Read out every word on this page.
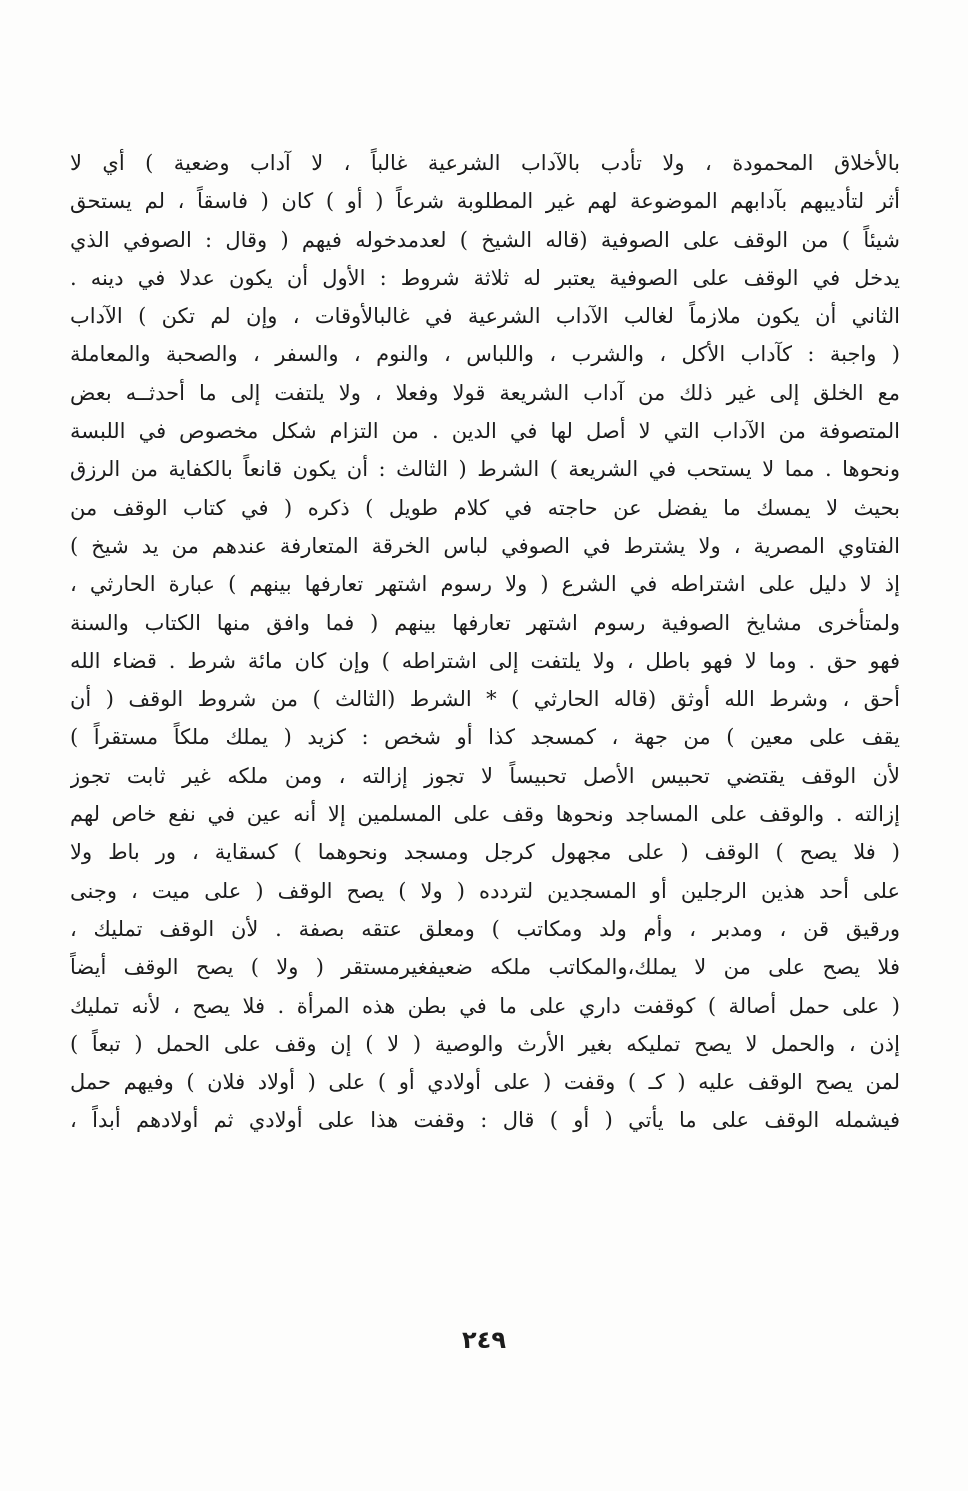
بالأخلاق المحمودة ، ولا تأدب بالآداب الشرعية غالباً ، لا آداب وضعية ) أي لا
أثر لتأديبهم بآدابهم الموضوعة لهم غير المطلوبة شرعاً ( أو ) كان ( فاسقاً ، لم يستحق
شيئاً ) من الوقف على الصوفية (قاله الشيخ ) لعدمدخوله فيهم ( وقال : الصوفي الذي
يدخل في الوقف على الصوفية يعتبر له ثلاثة شروط : الأول أن يكون عدلا في دينه .
الثاني أن يكون ملازماً لغالب الآداب الشرعية في غالبالأوقات ، وإن لم تكن ) الآداب
( واجبة : كآداب الأكل ، والشرب ، واللباس ، والنوم ، والسفر ، والصحبة والمعاملة
مع الخلق إلى غير ذلك من آداب الشريعة قولا وفعلا ، ولا يلتفت إلى ما أحدثــه بعض
المتصوفة من الآداب التي لا أصل لها في الدين . من التزام شكل مخصوص في اللبسة
ونحوها . مما لا يستحب في الشريعة ) الشرط ( الثالث : أن يكون قانعاً بالكفاية من الرزق
بحيث لا يمسك ما يفضل عن حاجته في كلام طويل ) ذكره ( في كتاب الوقف من
الفتاوي المصرية ، ولا يشترط في الصوفي لباس الخرقة المتعارفة عندهم من يد شيخ )
إذ لا دليل على اشتراطه في الشرع ( ولا رسوم اشتهر تعارفها بينهم ) عبارة الحارثي ،
ولمتأخرى مشايخ الصوفية رسوم اشتهر تعارفها بينهم ( فما وافق منها الكتاب والسنة
فهو حق . وما لا فهو باطل ، ولا يلتفت إلى اشتراطه ) وإن كان مائة شرط . قضاء الله
أحق ، وشرط الله أوثق (قاله الحارثي ) * الشرط (الثالث ) من شروط الوقف ( أن
يقف على معين ) من جهة ، كمسجد كذا أو شخص : كزيد ( يملك ملكاً مستقراً )
لأن الوقف يقتضي تحبيس الأصل تحبيساً لا تجوز إزالته ، ومن ملكه غير ثابت تجوز
إزالته . والوقف على المساجد ونحوها وقف على المسلمين إلا أنه عين في نفع خاص لهم
( فلا يصح ) الوقف ( على مجهول كرجل ومسجد ونحوهما ) كسقاية ، ور باط ولا
على أحد هذين الرجلين أو المسجدين لتردده ( ولا ) يصح الوقف ( على ميت ، وجنى
ورقيق قن ، ومدبر ، وأم ولد ومكاتب ) ومعلق عتقه بصفة . لأن الوقف تمليك ،
فلا يصح على من لا يملك،والمكاتب ملكه ضعيفغيرمستقر ( ولا ) يصح الوقف أيضاً
( على حمل أصالة ) كوقفت داري على ما في بطن هذه المرأة . فلا يصح ، لأنه تمليك
إذن ، والحمل لا يصح تمليكه بغير الأرث والوصية ( لا ) إن وقف على الحمل ( تبعاً )
لمن يصح الوقف عليه ( كـ ) وقفت ( على أولادي أو ) على ( أولاد فلان ) وفيهم حمل
فيشمله الوقف على ما يأتي ( أو ) قال : وقفت هذا على أولادي ثم أولادهم أبداً ،
٢٤٩
